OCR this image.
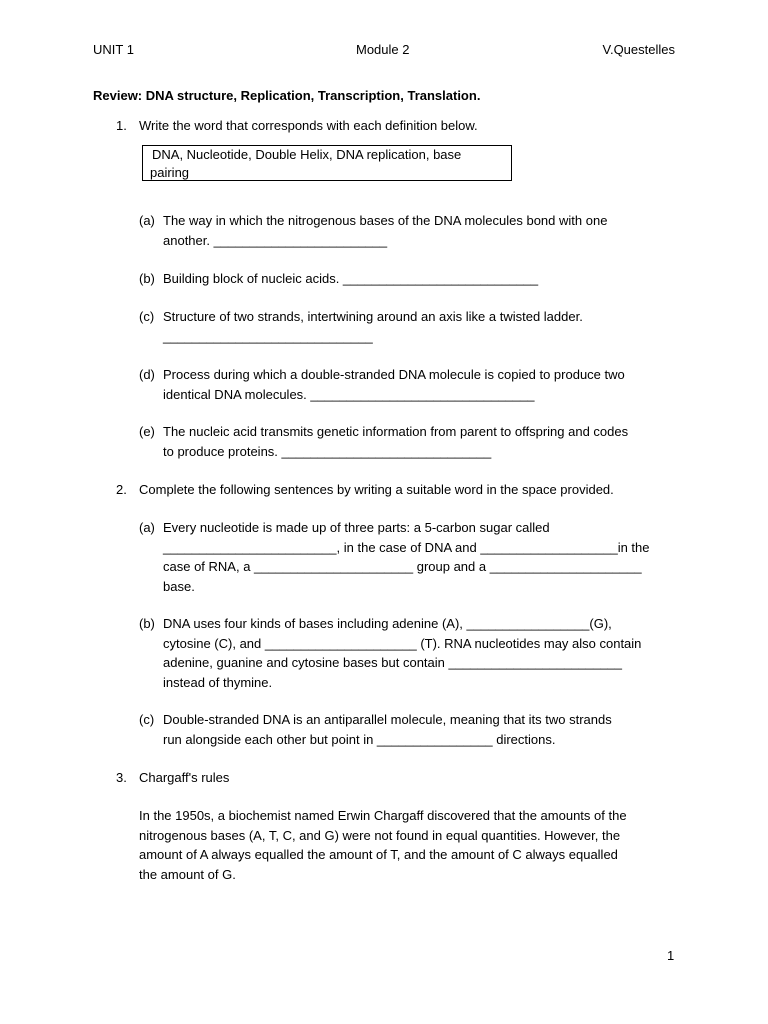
UNIT 1	Module 2	V.Questelles
Review: DNA structure, Replication, Transcription, Translation.
1. Write the word that corresponds with each definition below.
DNA, Nucleotide, Double Helix, DNA replication, base
pairing
(a) The way in which the nitrogenous bases of the DNA molecules bond with one
another. ________________________
(b) Building block of nucleic acids. ___________________________
(c) Structure of two strands, intertwining around an axis like a twisted ladder.
_____________________________
(d) Process during which a double-stranded DNA molecule is copied to produce two
identical DNA molecules. _______________________________
(e) The nucleic acid transmits genetic information from parent to offspring and codes
to produce proteins. _____________________________
2. Complete the following sentences by writing a suitable word in the space provided.
(a) Every nucleotide is made up of three parts: a 5-carbon sugar called
________________________, in the case of DNA and ___________________in the
case of RNA, a ______________________ group and a _____________________
base.
(b) DNA uses four kinds of bases including adenine (A), _________________(G),
cytosine (C), and _____________________ (T). RNA nucleotides may also contain
adenine, guanine and cytosine bases but contain ________________________
instead of thymine.
(c) Double-stranded DNA is an antiparallel molecule, meaning that its two strands
run alongside each other but point in ________________ directions.
3. Chargaff's rules
In the 1950s, a biochemist named Erwin Chargaff discovered that the amounts of the
nitrogenous bases (A, T, C, and G) were not found in equal quantities. However, the
amount of A always equalled the amount of T, and the amount of C always equalled
the amount of G.
1
